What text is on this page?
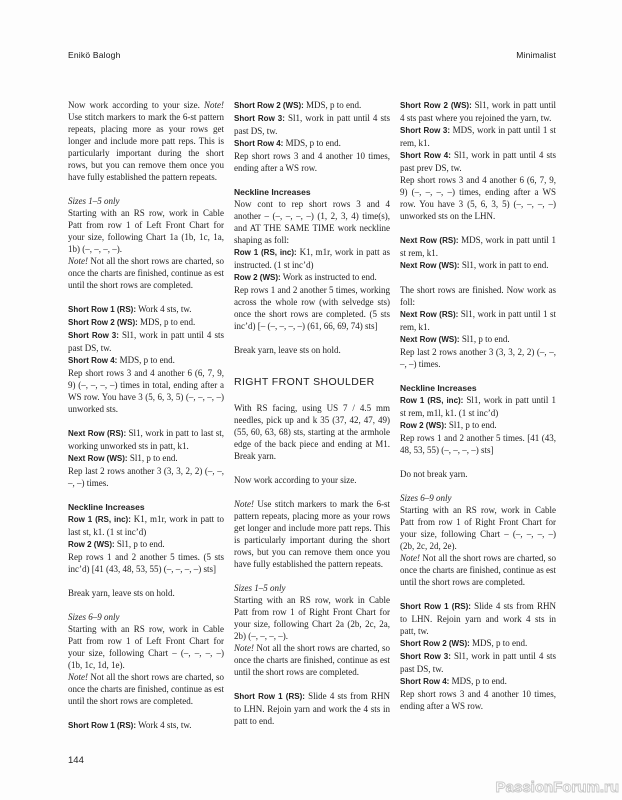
Enikö Balogh	Minimalist

Now work according to your size. Note! Use stitch markers to mark the 6-st pattern repeats, placing more as your rows get longer and include more patt reps. This is particularly important during the short rows, but you can remove them once you have fully established the pattern repeats.

Sizes 1–5 only

Starting with an RS row, work in Cable Patt from row 1 of Left Front Chart for your size, following Chart 1a (1b, 1c, 1a, 1b) (–, –, –, –).

Note! Not all the short rows are charted, so once the charts are finished, continue as est until the short rows are completed.

Short Row 1 (RS): Work 4 sts, tw.

Short Row 2 (WS): MDS, p to end.

Short Row 3: Sl1, work in patt until 4 sts past DS, tw.

Short Row 4: MDS, p to end.

Rep short rows 3 and 4 another 6 (6, 7, 9, 9) (–, –, –, –) times in total, ending after a WS row. You have 3 (5, 6, 3, 5) (–, –, –, –) unworked sts.

Next Row (RS): Sl1, work in patt to last st, working unworked sts in patt, k1.

Next Row (WS): Sl1, p to end.

Rep last 2 rows another 3 (3, 3, 2, 2) (–, –, –, –) times.

Neckline Increases

Row 1 (RS, inc): K1, m1r, work in patt to last st, k1. (1 st inc’d)

Row 2 (WS): Sl1, p to end.

Rep rows 1 and 2 another 5 times. (5 sts inc’d) [41 (43, 48, 53, 55) (–, –, –, –) sts]

Break yarn, leave sts on hold.

Sizes 6–9 only

Starting with an RS row, work in Cable Patt from row 1 of Left Front Chart for your size, following Chart – (–, –, –, –) (1b, 1c, 1d, 1e).

Note! Not all the short rows are charted, so once the charts are finished, continue as est until the short rows are completed.

Short Row 1 (RS): Work 4 sts, tw.

Short Row 2 (WS): MDS, p to end.

Short Row 3: Sl1, work in patt until 4 sts past DS, tw.

Short Row 4: MDS, p to end.

Rep short rows 3 and 4 another 10 times, ending after a WS row.

Neckline Increases

Now cont to rep short rows 3 and 4 another – (–, –, –, –) (1, 2, 3, 4) time(s), and AT THE SAME TIME work neckline shaping as foll:

Row 1 (RS, inc): K1, m1r, work in patt as instructed. (1 st inc’d)

Row 2 (WS): Work as instructed to end.

Rep rows 1 and 2 another 5 times, working across the whole row (with selvedge sts) once the short rows are completed. (5 sts inc’d) [– (–, –, –, –) (61, 66, 69, 74) sts]

Break yarn, leave sts on hold.

RIGHT FRONT SHOULDER

With RS facing, using US 7 / 4.5 mm needles, pick up and k 35 (37, 42, 47, 49) (55, 60, 63, 68) sts, starting at the armhole edge of the back piece and ending at M1. Break yarn.

Now work according to your size.

Note! Use stitch markers to mark the 6-st pattern repeats, placing more as your rows get longer and include more patt reps. This is particularly important during the short rows, but you can remove them once you have fully established the pattern repeats.

Sizes 1–5 only

Starting with an RS row, work in Cable Patt from row 1 of Right Front Chart for your size, following Chart 2a (2b, 2c, 2a, 2b) (–, –, –, –).

Note! Not all the short rows are charted, so once the charts are finished, continue as est until the short rows are completed.

Short Row 1 (RS): Slide 4 sts from RHN to LHN. Rejoin yarn and work the 4 sts in patt to end.

Short Row 2 (WS): Sl1, work in patt until 4 sts past where you rejoined the yarn, tw.

Short Row 3: MDS, work in patt until 1 st rem, k1.

Short Row 4: Sl1, work in patt until 4 sts past prev DS, tw.

Rep short rows 3 and 4 another 6 (6, 7, 9, 9) (–, –, –, –) times, ending after a WS row. You have 3 (5, 6, 3, 5) (–, –, –, –) unworked sts on the LHN.

Next Row (RS): MDS, work in patt until 1 st rem, k1.

Next Row (WS): Sl1, work in patt to end.

The short rows are finished. Now work as foll:

Next Row (RS): Sl1, work in patt until 1 st rem, k1.

Next Row (WS): Sl1, p to end.

Rep last 2 rows another 3 (3, 3, 2, 2) (–, –, –, –) times.

Neckline Increases

Row 1 (RS, inc): Sl1, work in patt until 1 st rem, m1l, k1. (1 st inc’d)

Row 2 (WS): Sl1, p to end.

Rep rows 1 and 2 another 5 times. [41 (43, 48, 53, 55) (–, –, –, –) sts]

Do not break yarn.

Sizes 6–9 only

Starting with an RS row, work in Cable Patt from row 1 of Right Front Chart for your size, following Chart – (–, –, –, –) (2b, 2c, 2d, 2e).

Note! Not all the short rows are charted, so once the charts are finished, continue as est until the short rows are completed.

Short Row 1 (RS): Slide 4 sts from RHN to LHN. Rejoin yarn and work 4 sts in patt, tw.

Short Row 2 (WS): MDS, p to end.

Short Row 3: Sl1, work in patt until 4 sts past DS, tw.

Short Row 4: MDS, p to end.

Rep short rows 3 and 4 another 10 times, ending after a WS row.

144
PassionForum.ru
